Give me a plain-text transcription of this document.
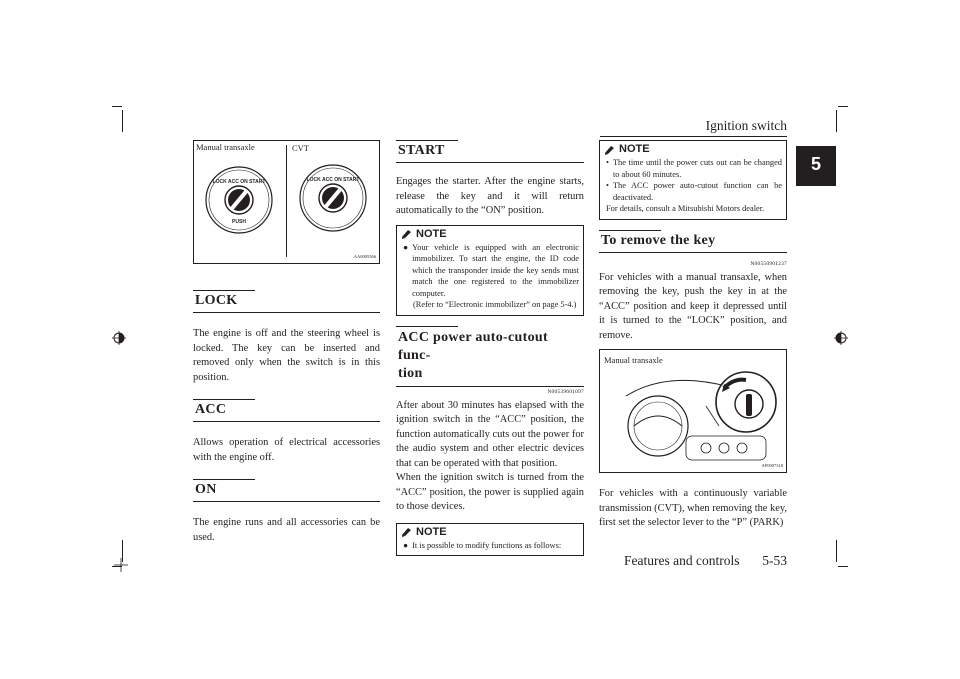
Ignition switch
5
Features and controls 5-53
Manual transaxle	CVT
LOCK ACC ON START
PUSH
LOCK ACC ON START
AA0005566
LOCK

The engine is off and the steering wheel is locked. The key can be inserted and removed only when the switch is in this position.

ACC

Allows operation of electrical accessories with the engine off.

ON

The engine runs and all accessories can be used.

START

Engages the starter. After the engine starts, release the key and it will return automatically to the “ON” position.

NOTE
● Your vehicle is equipped with an electronic immobilizer. To start the engine, the ID code which the transponder inside the key sends must match the one registered to the immobilizer computer.
(Refer to “Electronic immobilizer” on page 5-4.)
ACC power auto-cutout func-
tion
N00539601097

After about 30 minutes has elapsed with the ignition switch in the “ACC” position, the function automatically cuts out the power for the audio system and other electric devices that can be operated with that position.

When the ignition switch is turned from the “ACC” position, the power is supplied again to those devices.

NOTE
● It is possible to modify functions as follows:
NOTE
• The time until the power cuts out can be changed to about 60 minutes.
• The ACC power auto-cutout function can be deactivated.
For details, consult a Mitsubishi Motors dealer.
To remove the key
N00550901237

For vehicles with a manual transaxle, when removing the key, push the key in at the “ACC” position and keep it depressed until it is turned to the “LOCK” position, and remove.

Manual transaxle
AF0007318

For vehicles with a continuously variable transmission (CVT), when removing the key, first set the selector lever to the “P” (PARK)
